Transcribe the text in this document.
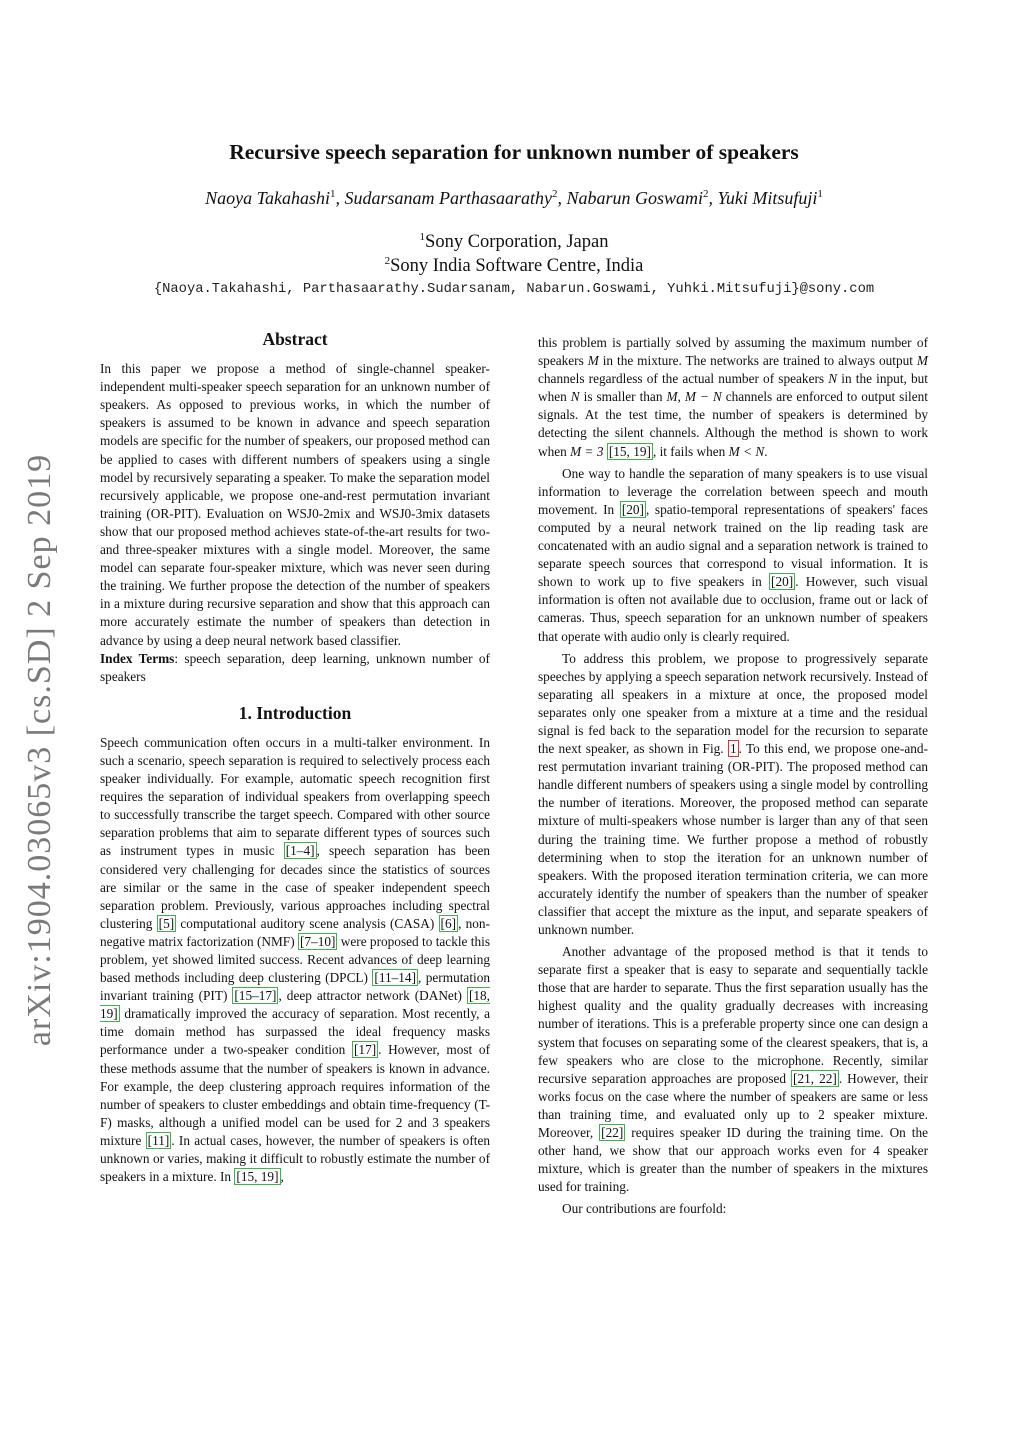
arXiv:1904.03065v3 [cs.SD] 2 Sep 2019
Recursive speech separation for unknown number of speakers
Naoya Takahashi$^1$, Sudarsanam Parthasaarathy$^2$, Nabarun Goswami$^2$, Yuki Mitsufuji$^1$
$^1$Sony Corporation, Japan
$^2$Sony India Software Centre, India
{Naoya.Takahashi, Parthasaarathy.Sudarsanam, Nabarun.Goswami, Yuhki.Mitsufuji}@sony.com
Abstract

In this paper we propose a method of single-channel speaker-independent multi-speaker speech separation for an unknown number of speakers. As opposed to previous works, in which the number of speakers is assumed to be known in advance and speech separation models are specific for the number of speakers, our proposed method can be applied to cases with different numbers of speakers using a single model by recursively separating a speaker. To make the separation model recursively applicable, we propose one-and-rest permutation invariant training (OR-PIT). Evaluation on WSJ0-2mix and WSJ0-3mix datasets show that our proposed method achieves state-of-the-art results for two- and three-speaker mixtures with a single model. Moreover, the same model can separate four-speaker mixture, which was never seen during the training. We further propose the detection of the number of speakers in a mixture during recursive separation and show that this approach can more accurately estimate the number of speakers than detection in advance by using a deep neural network based classifier.

Index Terms: speech separation, deep learning, unknown number of speakers

1. Introduction

Speech communication often occurs in a multi-talker environment. In such a scenario, speech separation is required to selectively process each speaker individually. For example, automatic speech recognition first requires the separation of individual speakers from overlapping speech to successfully transcribe the target speech. Compared with other source separation problems that aim to separate different types of sources such as instrument types in music [1–4] , speech separation has been considered very challenging for decades since the statistics of sources are similar or the same in the case of speaker independent speech separation problem. Previously, various approaches including spectral clustering [5] computational auditory scene analysis (CASA) [6] , non-negative matrix factorization (NMF) [7–10] were proposed to tackle this problem, yet showed limited success. Recent advances of deep learning based methods including deep clustering (DPCL) [11–14] , permutation invariant training (PIT) [15–17] , deep attractor network (DANet) [18, 19] dramatically improved the accuracy of separation. Most recently, a time domain method has surpassed the ideal frequency masks performance under a two-speaker condition [17] . However, most of these methods assume that the number of speakers is known in advance. For example, the deep clustering approach requires information of the number of speakers to cluster embeddings and obtain time-frequency (T-F) masks, although a unified model can be used for 2 and 3 speakers mixture [11] . In actual cases, however, the number of speakers is often unknown or varies, making it difficult to robustly estimate the number of speakers in a mixture. In [15, 19] ,

this problem is partially solved by assuming the maximum number of speakers M in the mixture. The networks are trained to always output M channels regardless of the actual number of speakers N in the input, but when N is smaller than M, M − N channels are enforced to output silent signals. At the test time, the number of speakers is determined by detecting the silent channels. Although the method is shown to work when M = 3 [15, 19] , it fails when M < N.

One way to handle the separation of many speakers is to use visual information to leverage the correlation between speech and mouth movement. In [20] , spatio-temporal representations of speakers' faces computed by a neural network trained on the lip reading task are concatenated with an audio signal and a separation network is trained to separate speech sources that correspond to visual information. It is shown to work up to five speakers in [20] . However, such visual information is often not available due to occlusion, frame out or lack of cameras. Thus, speech separation for an unknown number of speakers that operate with audio only is clearly required.

To address this problem, we propose to progressively separate speeches by applying a speech separation network recursively. Instead of separating all speakers in a mixture at once, the proposed model separates only one speaker from a mixture at a time and the residual signal is fed back to the separation model for the recursion to separate the next speaker, as shown in Fig. 1 . To this end, we propose one-and-rest permutation invariant training (OR-PIT). The proposed method can handle different numbers of speakers using a single model by controlling the number of iterations. Moreover, the proposed method can separate mixture of multi-speakers whose number is larger than any of that seen during the training time. We further propose a method of robustly determining when to stop the iteration for an unknown number of speakers. With the proposed iteration termination criteria, we can more accurately identify the number of speakers than the number of speaker classifier that accept the mixture as the input, and separate speakers of unknown number.

Another advantage of the proposed method is that it tends to separate first a speaker that is easy to separate and sequentially tackle those that are harder to separate. Thus the first separation usually has the highest quality and the quality gradually decreases with increasing number of iterations. This is a preferable property since one can design a system that focuses on separating some of the clearest speakers, that is, a few speakers who are close to the microphone. Recently, similar recursive separation approaches are proposed [21, 22] . However, their works focus on the case where the number of speakers are same or less than training time, and evaluated only up to 2 speaker mixture. Moreover, [22] requires speaker ID during the training time. On the other hand, we show that our approach works even for 4 speaker mixture, which is greater than the number of speakers in the mixtures used for training.

Our contributions are fourfold:
